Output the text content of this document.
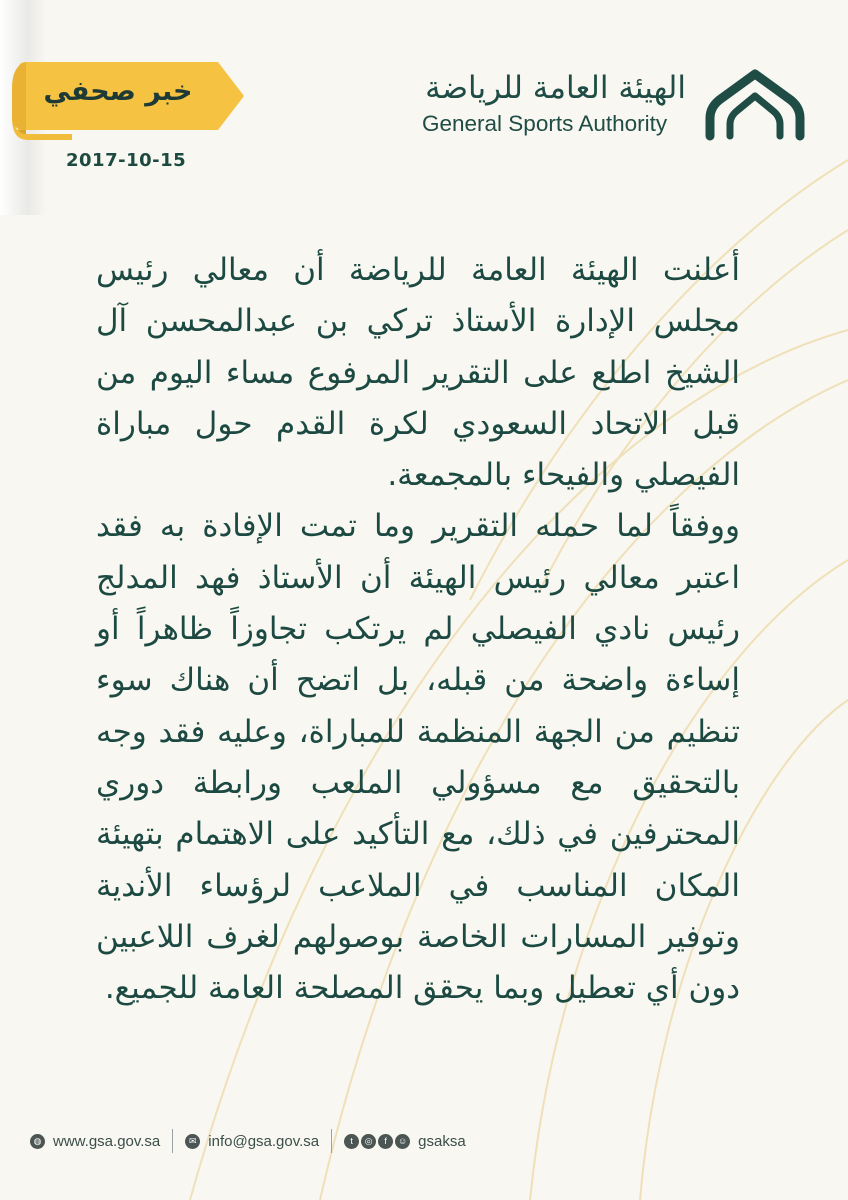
خبر صحفي
2017-10-15
الهيئة العامة للرياضة
General Sports Authority

أعلنت الهيئة العامة للرياضة أن معالي رئيس مجلس الإدارة الأستاذ تركي بن عبدالمحسن آل الشيخ اطلع على التقرير المرفوع مساء اليوم من قبل الاتحاد السعودي لكرة القدم حول مباراة الفيصلي والفيحاء بالمجمعة.

ووفقاً لما حمله التقرير وما تمت الإفادة به فقد اعتبر معالي رئيس الهيئة أن الأستاذ فهد المدلج رئيس نادي الفيصلي لم يرتكب تجاوزاً ظاهراً أو إساءة واضحة من قبله، بل اتضح أن هناك سوء تنظيم من الجهة المنظمة للمباراة، وعليه فقد وجه بالتحقيق مع مسؤولي الملعب ورابطة دوري المحترفين في ذلك، مع التأكيد على الاهتمام بتهيئة المكان المناسب في الملاعب لرؤساء الأندية وتوفير المسارات الخاصة بوصولهم لغرف اللاعبين دون أي تعطيل وبما يحقق المصلحة العامة للجميع.

◍ www.gsa.gov.sa	✉ info@gsa.gov.sa	t	◎	f	☺ gsaksa
